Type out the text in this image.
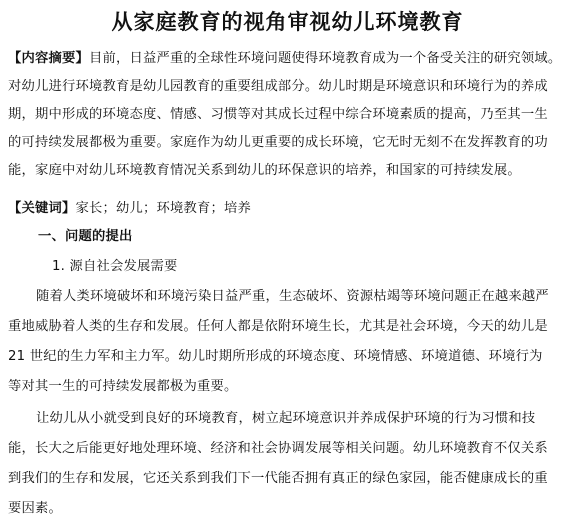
从家庭教育的视角审视幼儿环境教育
【内容摘要】目前，日益严重的全球性环境问题使得环境教育成为一个备受关注的研究领域。
对幼儿进行环境教育是幼儿园教育的重要组成部分。幼儿时期是环境意识和环境行为的养成
期，期中形成的环境态度、情感、习惯等对其成长过程中综合环境素质的提高，乃至其一生
的可持续发展都极为重要。家庭作为幼儿更重要的成长环境，它无时无刻不在发挥教育的功
能，家庭中对幼儿环境教育情况关系到幼儿的环保意识的培养，和国家的可持续发展。
【关键词】家长；幼儿；环境教育；培养
一、问题的提出
1. 源自社会发展需要
随着人类环境破坏和环境污染日益严重，生态破坏、资源枯竭等环境问题正在越来越严
重地威胁着人类的生存和发展。任何人都是依附环境生长，尤其是社会环境，今天的幼儿是
21 世纪的生力军和主力军。幼儿时期所形成的环境态度、环境情感、环境道德、环境行为
等对其一生的可持续发展都极为重要。
让幼儿从小就受到良好的环境教育，树立起环境意识并养成保护环境的行为习惯和技
能，长大之后能更好地处理环境、经济和社会协调发展等相关问题。幼儿环境教育不仅关系
到我们的生存和发展，它还关系到我们下一代能否拥有真正的绿色家园，能否健康成长的重
要因素。
